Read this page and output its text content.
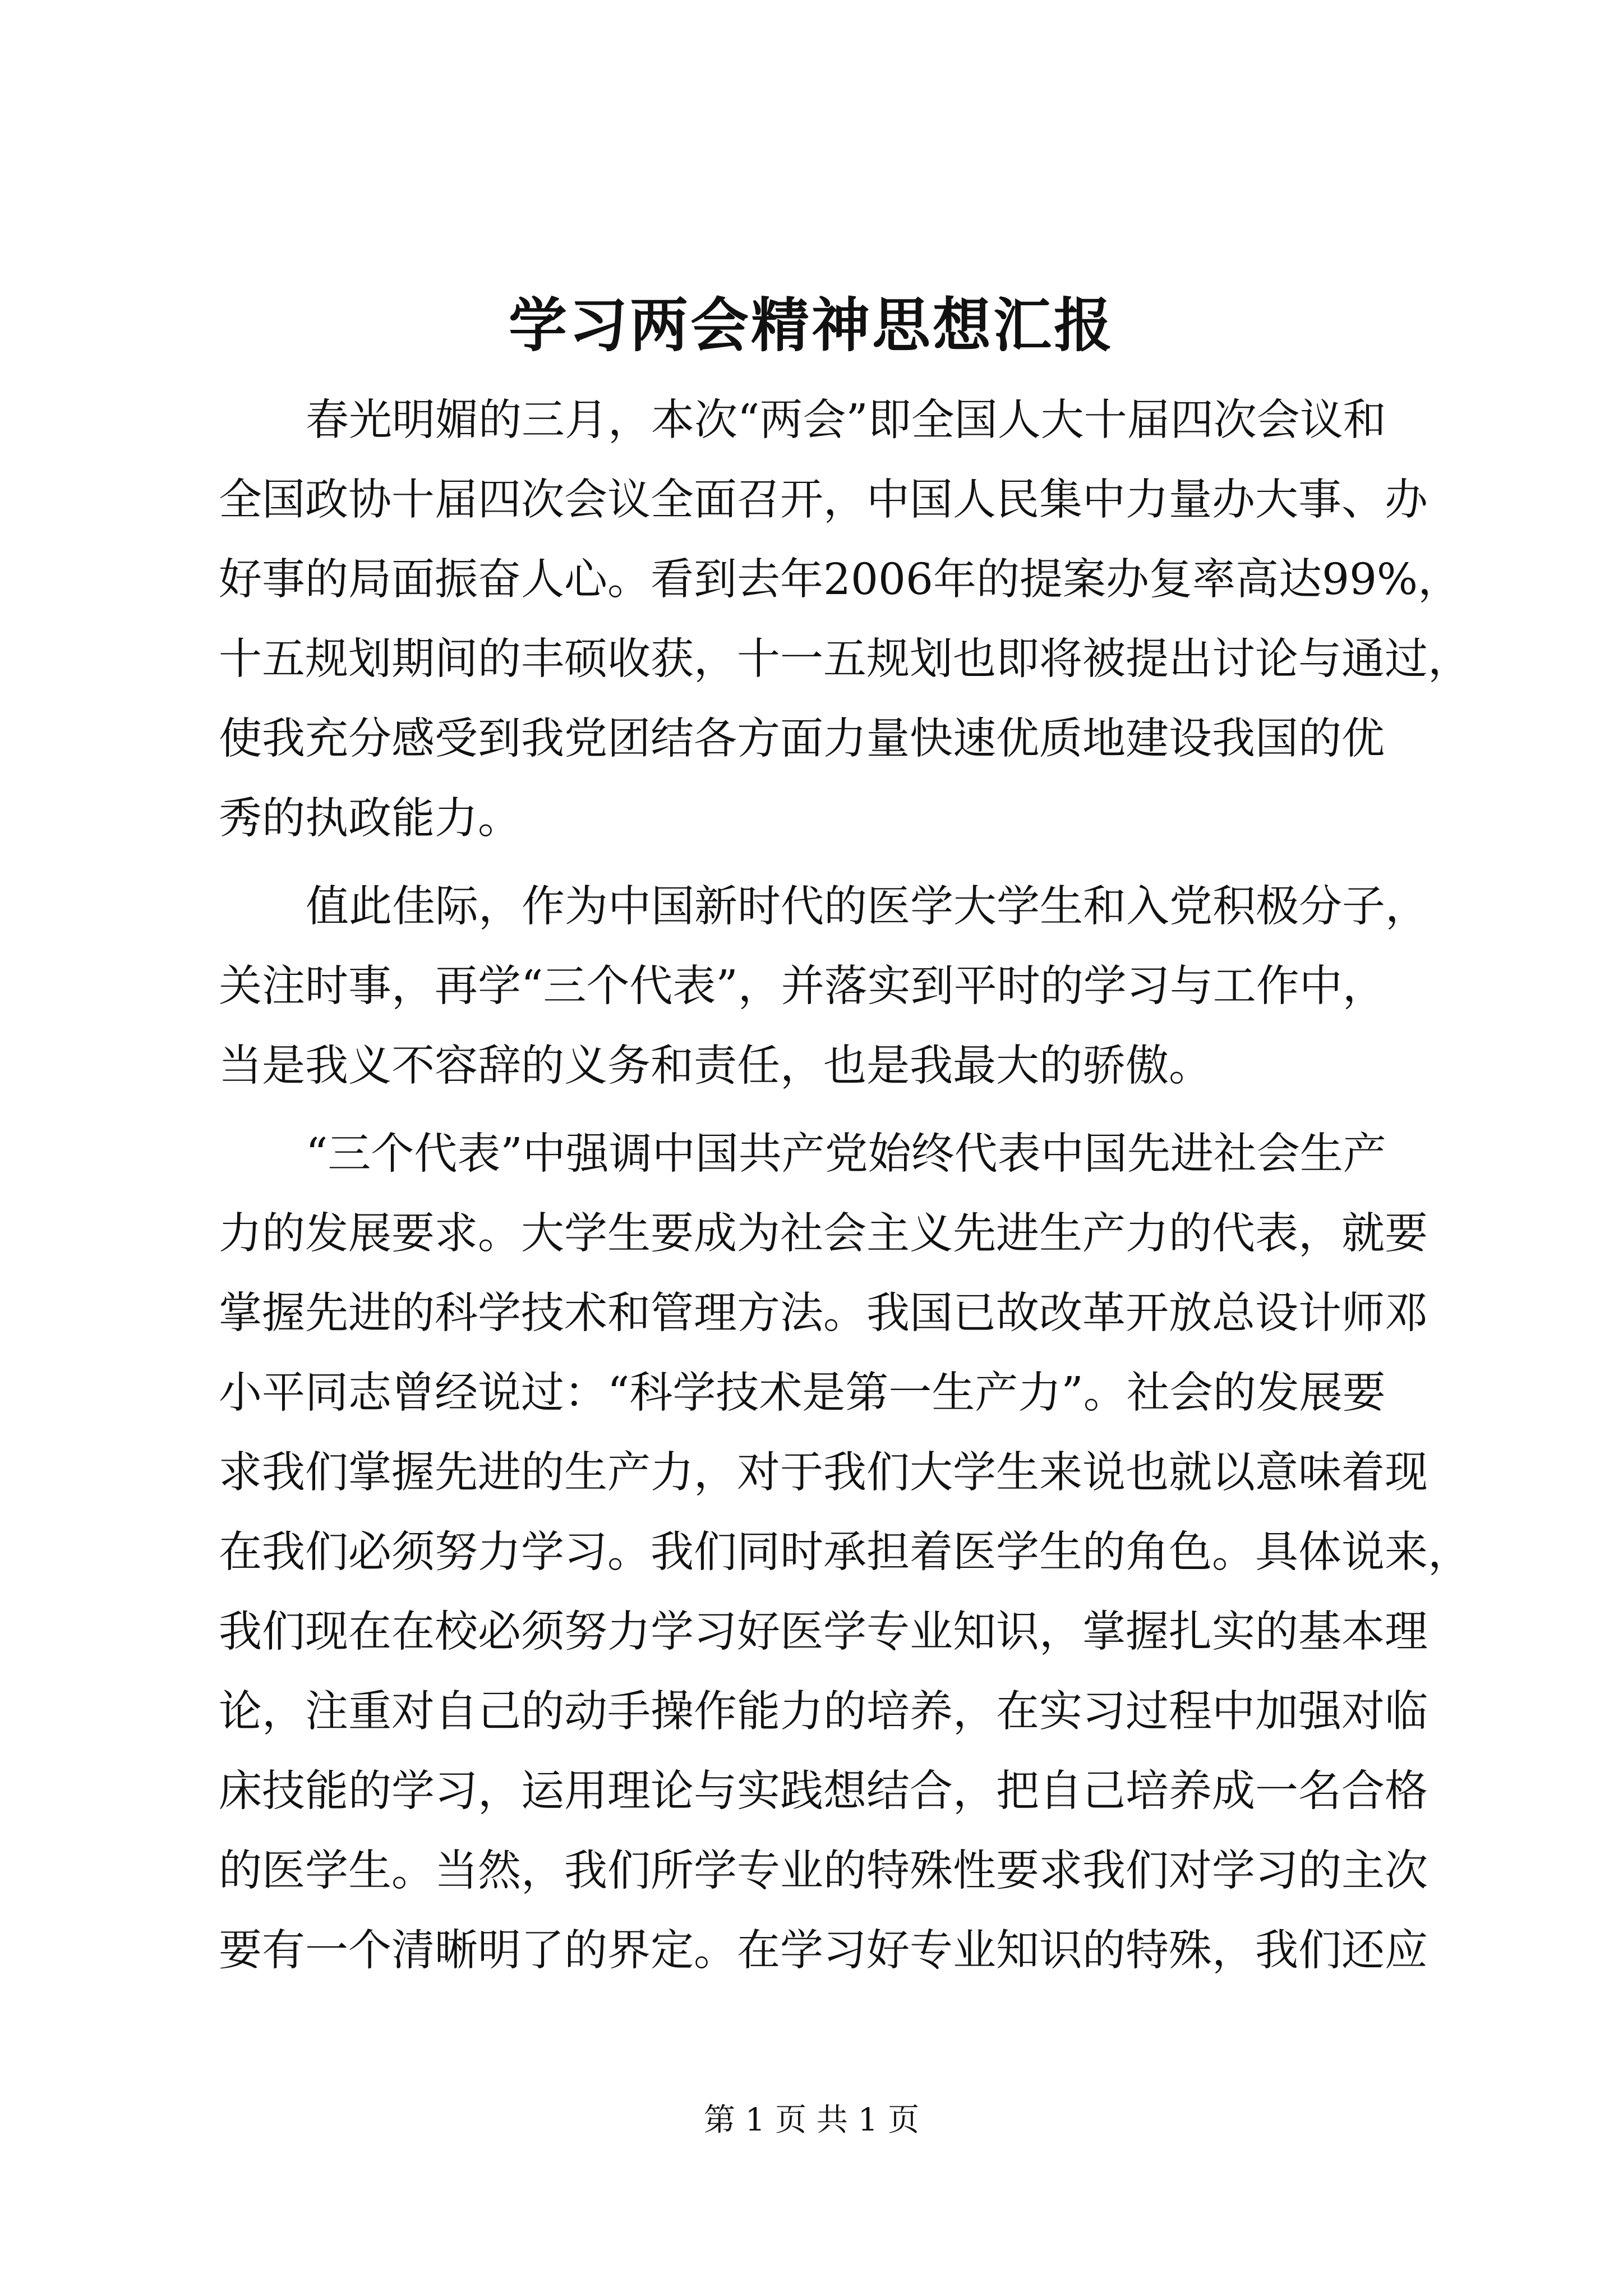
学习两会精神思想汇报
春光明媚的三月，本次“两会”即全国人大十届四次会议和
全国政协十届四次会议全面召开，中国人民集中力量办大事、办
好事的局面振奋人心。看到去年2006年的提案办复率高达99%，
十五规划期间的丰硕收获，十一五规划也即将被提出讨论与通过，
使我充分感受到我党团结各方面力量快速优质地建设我国的优
秀的执政能力。
值此佳际，作为中国新时代的医学大学生和入党积极分子，
关注时事，再学“三个代表”，并落实到平时的学习与工作中，
当是我义不容辞的义务和责任，也是我最大的骄傲。
“三个代表”中强调中国共产党始终代表中国先进社会生产
力的发展要求。大学生要成为社会主义先进生产力的代表，就要
掌握先进的科学技术和管理方法。我国已故改革开放总设计师邓
小平同志曾经说过：“科学技术是第一生产力”。社会的发展要
求我们掌握先进的生产力，对于我们大学生来说也就以意味着现
在我们必须努力学习。我们同时承担着医学生的角色。具体说来，
我们现在在校必须努力学习好医学专业知识，掌握扎实的基本理
论，注重对自己的动手操作能力的培养，在实习过程中加强对临
床技能的学习，运用理论与实践想结合，把自己培养成一名合格
的医学生。当然，我们所学专业的特殊性要求我们对学习的主次
要有一个清晰明了的界定。在学习好专业知识的特殊，我们还应
第 1 页 共 1 页
